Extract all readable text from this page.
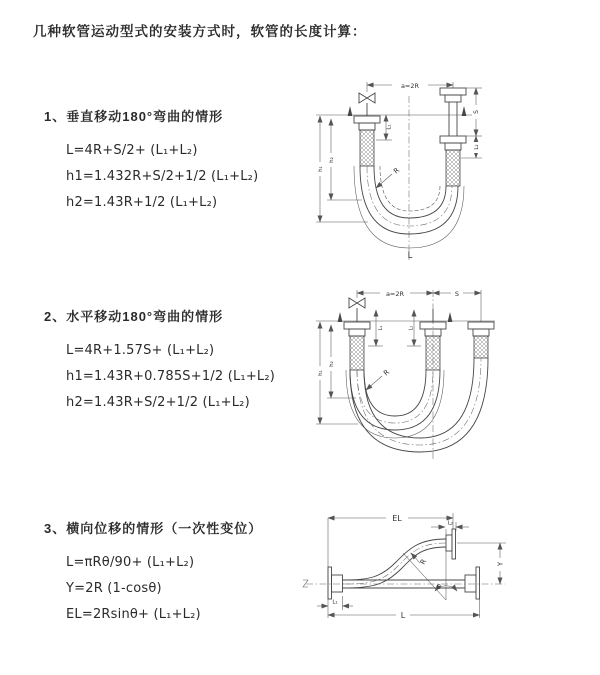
几种软管运动型式的安装方式时，软管的长度计算：
1、垂直移动180°弯曲的情形
L=4R+S/2+ (L₁+L₂)
h1=1.432R+S/2+1/2 (L₁+L₂)
h2=1.43R+1/2 (L₁+L₂)
a=2R
L₁
S
L₂
h₁
h₂
R
L
2、水平移动180°弯曲的情形
L=4R+1.57S+ (L₁+L₂)
h1=1.43R+0.785S+1/2 (L₁+L₂)
h2=1.43R+S/2+1/2 (L₁+L₂)
a=2R	S
L₁	L₂
h₁
h₂
R
3、横向位移的情形（一次性变位）
L=πRθ/90+ (L₁+L₂)
Y=2R (1-cosθ)
EL=2Rsinθ+ (L₁+L₂)
EL
L₂
R
θ
Y
L₁
L
